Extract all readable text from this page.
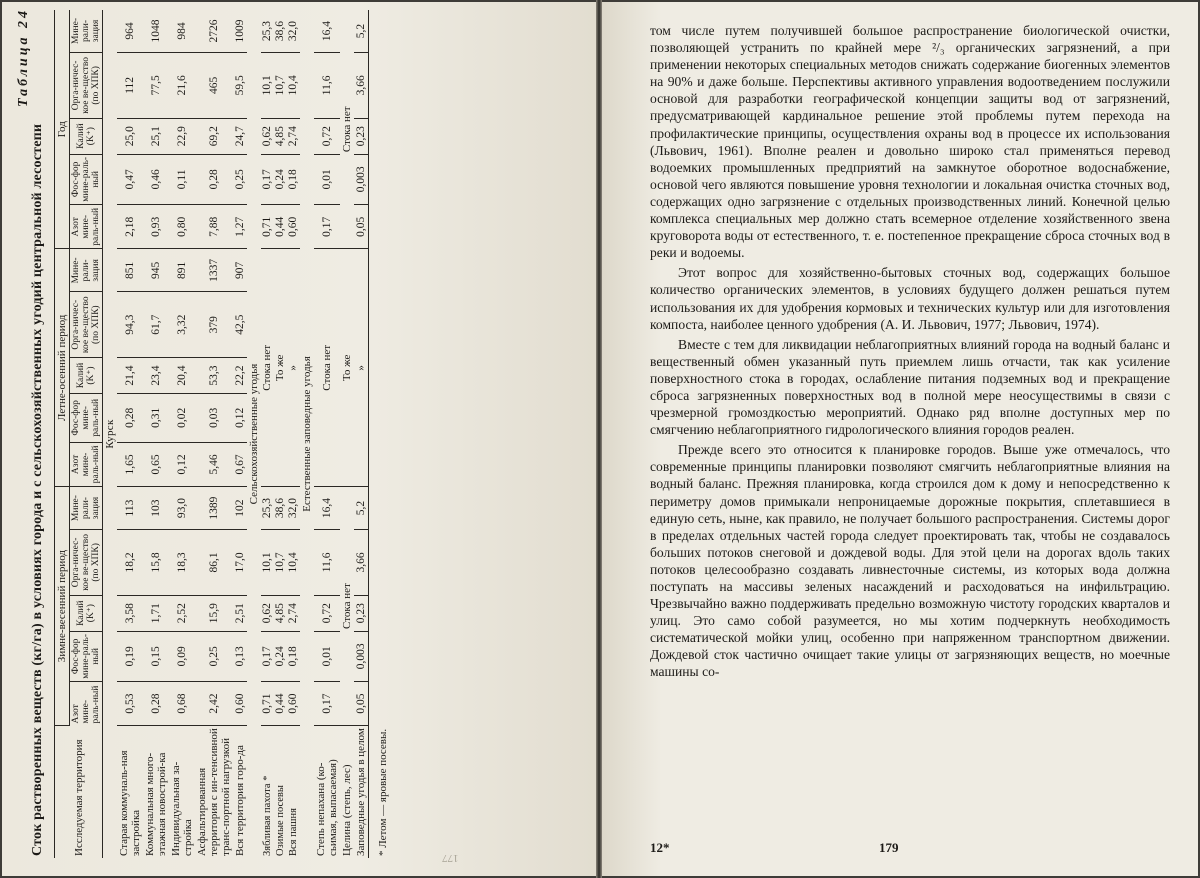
Таблица 24
Сток растворенных веществ (кг/га) в условиях города и с сельскохозяйственных угодий центральной лесостепи	Исследуемая территория	Зимне-весенний период					Летне-осенний период					Год				
	Азот мине-раль-ный	Фос-фор мине-раль-ный	Калий (K⁺)	Орга-ничес-кое ве-щество (по ХПК)	Мине-рали-зация	Азот мине-раль-ный	Фос-фор мине-раль-ный	Калий (K⁺)	Орга-ничес-кое ве-щество (по ХПК)	Мине-рали-зация	Азот мине-раль-ный	Фос-фор мине-раль-ный	Калий (K⁺)	Орга-ничес-кое ве-щество (по ХПК)	Мине-рали-зация
Курск															
Старая коммуналь-ная застройка	0,53	0,19	3,58	18,2	113	1,65	0,28	21,4	94,3	851	2,18	0,47	25,0	112	964
Коммунальная много-этажная новострой-ка	0,28	0,15	1,71	15,8	103	0,65	0,31	23,4	61,7	945	0,93	0,46	25,1	77,5	1048
Индивидуальная за-стройка	0,68	0,09	2,52	18,3	93,0	0,12	0,02	20,4	3,32	891	0,80	0,11	22,9	21,6	984
Асфальтированная территория с ин-тенсивной транс-портной нагрузкой	2,42	0,25	15,9	86,1	1389	5,46	0,03	53,3	379	1337	7,88	0,28	69,2	465	2726
Вся территория горо-да	0,60	0,13	2,51	17,0	102	0,67	0,12	22,2	42,5	907	1,27	0,25	24,7	59,5	1009
Сельскохозяйственные угодья															
Зябливая пахота *	0,71	0,17	0,62	10,1	25,3	Стока нет					0,71	0,17	0,62	10,1	25,3
Озимые посевы	0,44	0,24	4,85	10,7	38,6	То же					0,44	0,24	4,85	10,7	38,6
Вся пашня	0,60	0,18	2,74	10,4	32,0	»					0,60	0,18	2,74	10,4	32,0
Естественные заповедные угодья															
Степь непахана (ко-сьимая, выпасаемая)	0,17	0,01	0,72	11,6	16,4	Стока нет					0,17	0,01	0,72	11,6	16,4
Целина (степь, лес)	Стока нет					То же					Стока нет				
Заповедные угодья в целом	0,05	0,003	0,23	3,66	5,2	»					0,05	0,003	0,23	3,66	5,2
* Летом — яровые посевы.
177

том числе путем получившей большое распространение биологической очистки, позволяющей устранить по крайней мере ²/₃ органических загрязнений, а при применении некоторых специальных методов снижать содержание биогенных элементов на 90% и даже больше. Перспективы активного управления водоотведением послужили основой для разработки географической концепции защиты вод от загрязнений, предусматривающей кардинальное решение этой проблемы путем перехода на профилактические принципы, осуществления охраны вод в процессе их использования (Львович, 1961). Вполне реален и довольно широко стал применяться перевод водоемких промышленных предприятий на замкнутое оборотное водоснабжение, основой чего являются повышение уровня технологии и локальная очистка сточных вод, содержащих одно загрязнение с отдельных производственных линий. Конечной целью комплекса специальных мер должно стать всемерное отделение хозяйственного звена круговорота воды от естественного, т. е. постепенное прекращение сброса сточных вод в реки и водоемы.

Этот вопрос для хозяйственно-бытовых сточных вод, содержащих большое количество органических элементов, в условиях будущего должен решаться путем использования их для удобрения кормовых и технических культур или для изготовления компоста, наиболее ценного удобрения (А. И. Львович, 1977; Львович, 1974).

Вместе с тем для ликвидации неблагоприятных влияний города на водный баланс и вещественный обмен указанный путь приемлем лишь отчасти, так как усиление поверхностного стока в городах, ослабление питания подземных вод и прекращение сброса загрязненных поверхностных вод в полной мере неосуществимы в связи с чрезмерной громоздкостью мероприятий. Однако ряд вполне доступных мер по смягчению неблагоприятного гидрологического влияния городов реален.

Прежде всего это относится к планировке городов. Выше уже отмечалось, что современные принципы планировки позволяют смягчить неблагоприятные влияния на водный баланс. Прежняя планировка, когда строился дом к дому и непосредственно к периметру домов примыкали непроницаемые дорожные покрытия, сплетавшиеся в единую сеть, ныне, как правило, не получает большого распространения. Системы дорог в пределах отдельных частей города следует проектировать так, чтобы не создавалось больших потоков снеговой и дождевой воды. Для этой цели на дорогах вдоль таких потоков целесообразно создавать ливнесточные системы, из которых вода должна поступать на массивы зеленых насаждений и расходоваться на инфильтрацию. Чрезвычайно важно поддерживать предельно возможную чистоту городских кварталов и улиц. Это само собой разумеется, но мы хотим подчеркнуть необходимость систематической мойки улиц, особенно при напряженном транспортном движении. Дождевой сток частично очищает такие улицы от загрязняющих веществ, но моечные машины со-

12*	179
